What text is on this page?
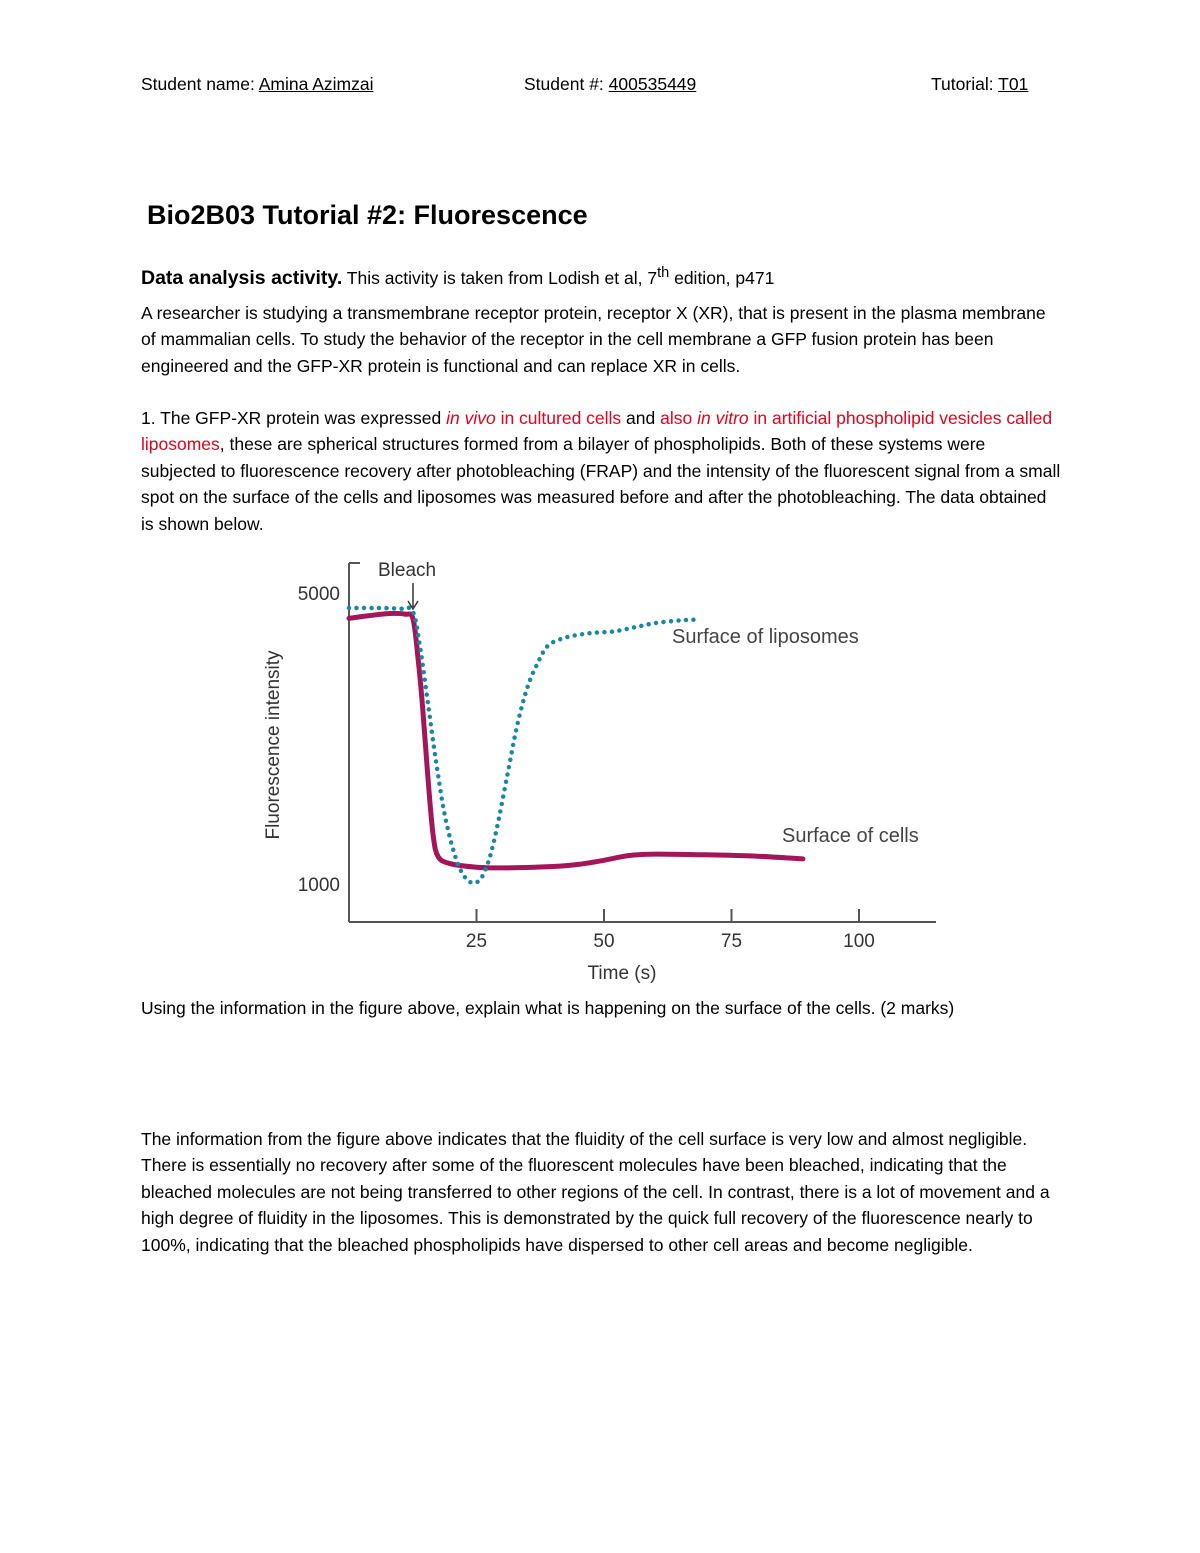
Student name: Amina Azimzai	Student #: 400535449	Tutorial: T01
Bio2B03 Tutorial #2: Fluorescence
Data analysis activity. This activity is taken from Lodish et al, 7th edition, p471
A researcher is studying a transmembrane receptor protein, receptor X (XR), that is present in the plasma membrane of mammalian cells. To study the behavior of the receptor in the cell membrane a GFP fusion protein has been engineered and the GFP-XR protein is functional and can replace XR in cells.
1. The GFP-XR protein was expressed in vivo in cultured cells and also in vitro in artificial phospholipid vesicles called liposomes, these are spherical structures formed from a bilayer of phospholipids. Both of these systems were subjected to fluorescence recovery after photobleaching (FRAP) and the intensity of the fluorescent signal from a small spot on the surface of the cells and liposomes was measured before and after the photobleaching. The data obtained is shown below.
25	50	75	100
5000
1000
Fluorescence intensity
Time (s)
Bleach
Surface of liposomes
Surface of cells
Using the information in the figure above, explain what is happening on the surface of the cells. (2 marks)
The information from the figure above indicates that the fluidity of the cell surface is very low and almost negligible. There is essentially no recovery after some of the fluorescent molecules have been bleached, indicating that the bleached molecules are not being transferred to other regions of the cell. In contrast, there is a lot of movement and a high degree of fluidity in the liposomes. This is demonstrated by the quick full recovery of the fluorescence nearly to 100%, indicating that the bleached phospholipids have dispersed to other cell areas and become negligible.
